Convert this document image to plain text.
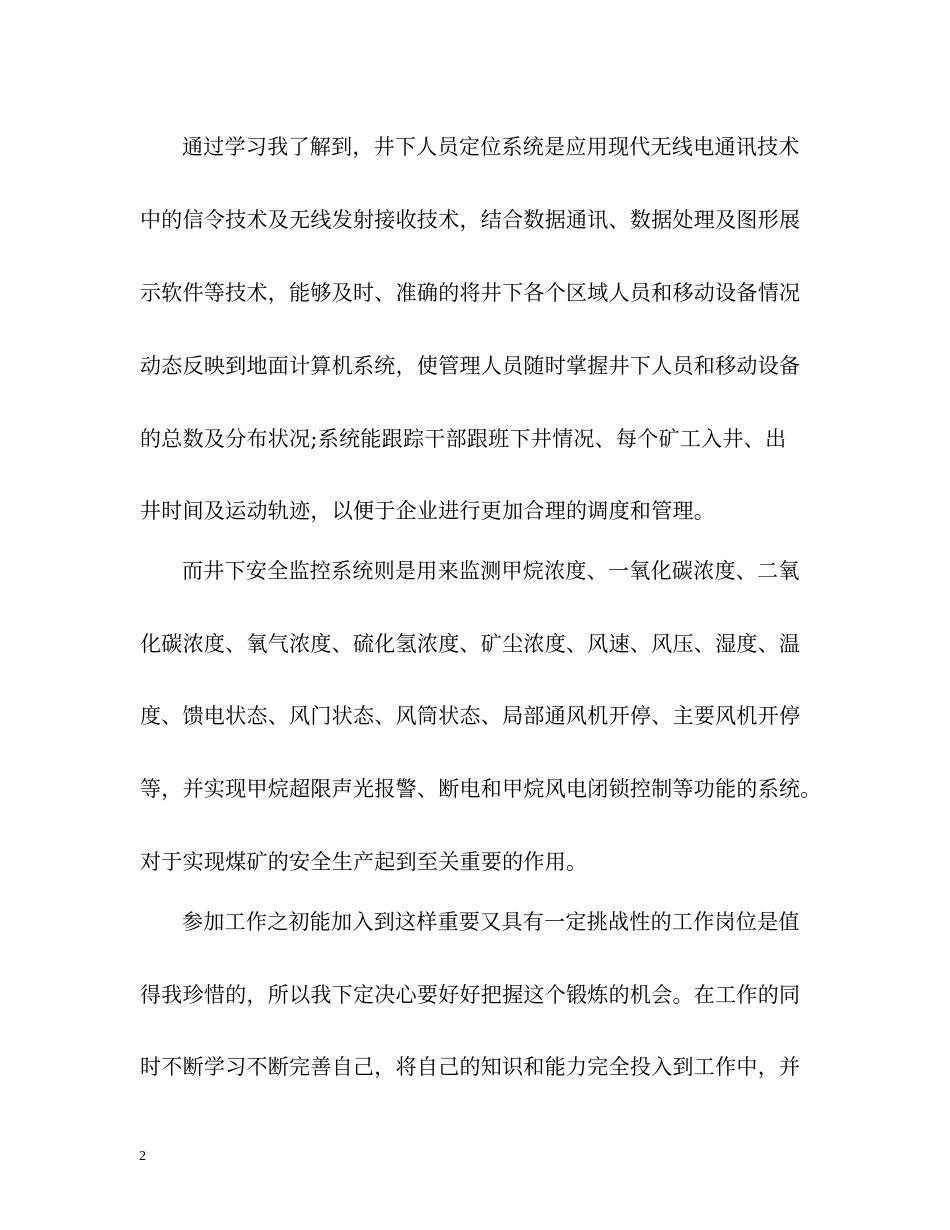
通过学习我了解到，井下人员定位系统是应用现代无线电通讯技术
中的信令技术及无线发射接收技术，结合数据通讯、数据处理及图形展
示软件等技术，能够及时、准确的将井下各个区域人员和移动设备情况
动态反映到地面计算机系统，使管理人员随时掌握井下人员和移动设备
的总数及分布状况;系统能跟踪干部跟班下井情况、每个矿工入井、出
井时间及运动轨迹，以便于企业进行更加合理的调度和管理。
而井下安全监控系统则是用来监测甲烷浓度、一氧化碳浓度、二氧
化碳浓度、氧气浓度、硫化氢浓度、矿尘浓度、风速、风压、湿度、温
度、馈电状态、风门状态、风筒状态、局部通风机开停、主要风机开停
等，并实现甲烷超限声光报警、断电和甲烷风电闭锁控制等功能的系统。
对于实现煤矿的安全生产起到至关重要的作用。
参加工作之初能加入到这样重要又具有一定挑战性的工作岗位是值
得我珍惜的，所以我下定决心要好好把握这个锻炼的机会。在工作的同
时不断学习不断完善自己，将自己的知识和能力完全投入到工作中，并
2
